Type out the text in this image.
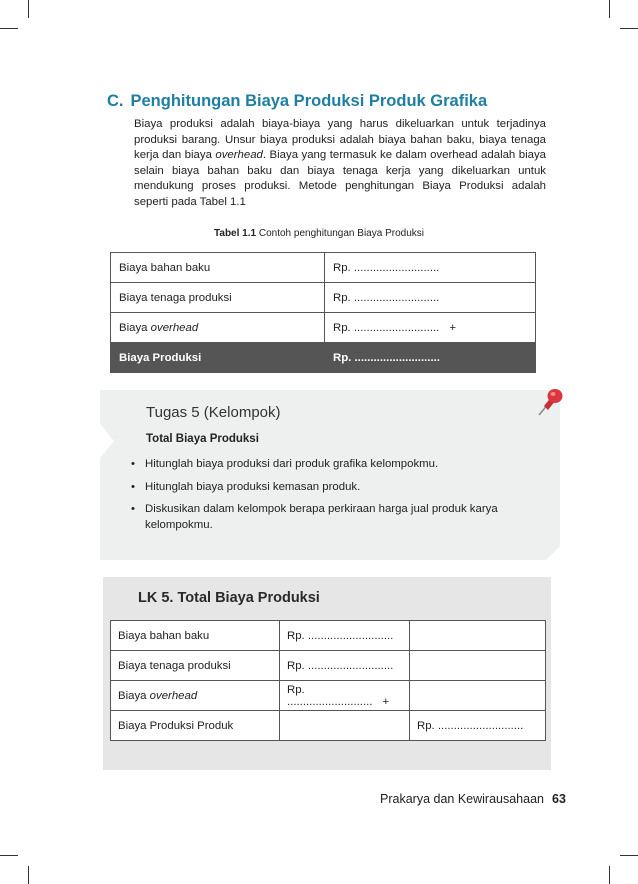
C. Penghitungan Biaya Produksi Produk Grafika
Biaya produksi adalah biaya-biaya yang harus dikeluarkan untuk terjadinya produksi barang. Unsur biaya produksi adalah biaya bahan baku, biaya tenaga kerja dan biaya overhead. Biaya yang termasuk ke dalam overhead adalah biaya selain biaya bahan baku dan biaya tenaga kerja yang dikeluarkan untuk mendukung proses produksi. Metode penghitungan Biaya Produksi adalah seperti pada Tabel 1.1
Tabel 1.1 Contoh penghitungan Biaya Produksi
Biaya bahan baku	Rp. ...........................
Biaya tenaga produksi	Rp. ...........................
Biaya overhead	Rp. ........................... +
Biaya Produksi	Rp. ...........................
Tugas 5 (Kelompok)
Total Biaya Produksi
• Hitunglah biaya produksi dari produk grafika kelompokmu.
• Hitunglah biaya produksi kemasan produk.
• Diskusikan dalam kelompok berapa perkiraan harga jual produk karya kelompokmu.
LK 5. Total Biaya Produksi
Biaya bahan baku	Rp. ...........................	
Biaya tenaga produksi	Rp. ...........................	
Biaya overhead	Rp. ........................... +	
Biaya Produksi Produk		Rp. ...........................
Prakarya dan Kewirausahaan 63
